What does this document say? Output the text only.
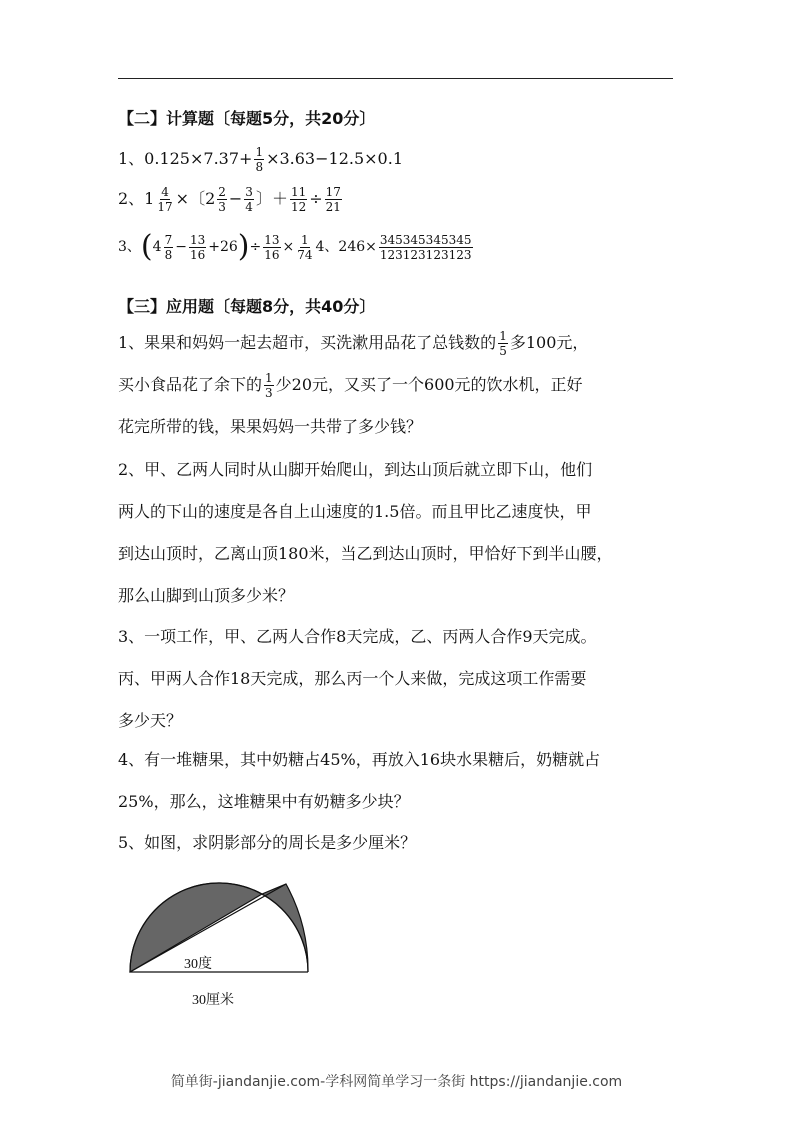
【二】计算题〔每题5分，共20分〕
1、$0.125\times 7.37+ \frac{1}{8} \times 3.63-12.5\times 0.1$
2、$1 \frac{4}{17}$ ×〔$2 \frac{2}{3} - \frac{3}{4}$ 〕＋ $\frac{11}{12} \div \frac{17}{21}$
3、$(4 \frac{7}{8} - \frac{13}{16} +26)\div \frac{13}{16} \times \frac{1}{74} 4$、$246\times \frac{345345345345}{123123123123}$
【三】应用题〔每题8分，共40分〕
1、果果和妈妈一起去超市，买洗漱用品花了总钱数的 $\frac{1}{5}$ 多100元，
买小食品花了余下的 $\frac{1}{3}$ 少20元，又买了一个600元的饮水机，正好
花完所带的钱，果果妈妈一共带了多少钱？
2、甲、乙两人同时从山脚开始爬山，到达山顶后就立即下山，他们
两人的下山的速度是各自上山速度的1.5倍。而且甲比乙速度快，甲
到达山顶时，乙离山顶180米，当乙到达山顶时，甲恰好下到半山腰，
那么山脚到山顶多少米？
3、一项工作，甲、乙两人合作8天完成，乙、丙两人合作9天完成。
丙、甲两人合作18天完成，那么丙一个人来做，完成这项工作需要
多少天？
4、有一堆糖果，其中奶糖占45%，再放入16块水果糖后，奶糖就占
25%，那么，这堆糖果中有奶糖多少块？
5、如图，求阴影部分的周长是多少厘米？
30度
30厘米
简单街-jiandanjie.com-学科网简单学习一条街 https://jiandanjie.com
